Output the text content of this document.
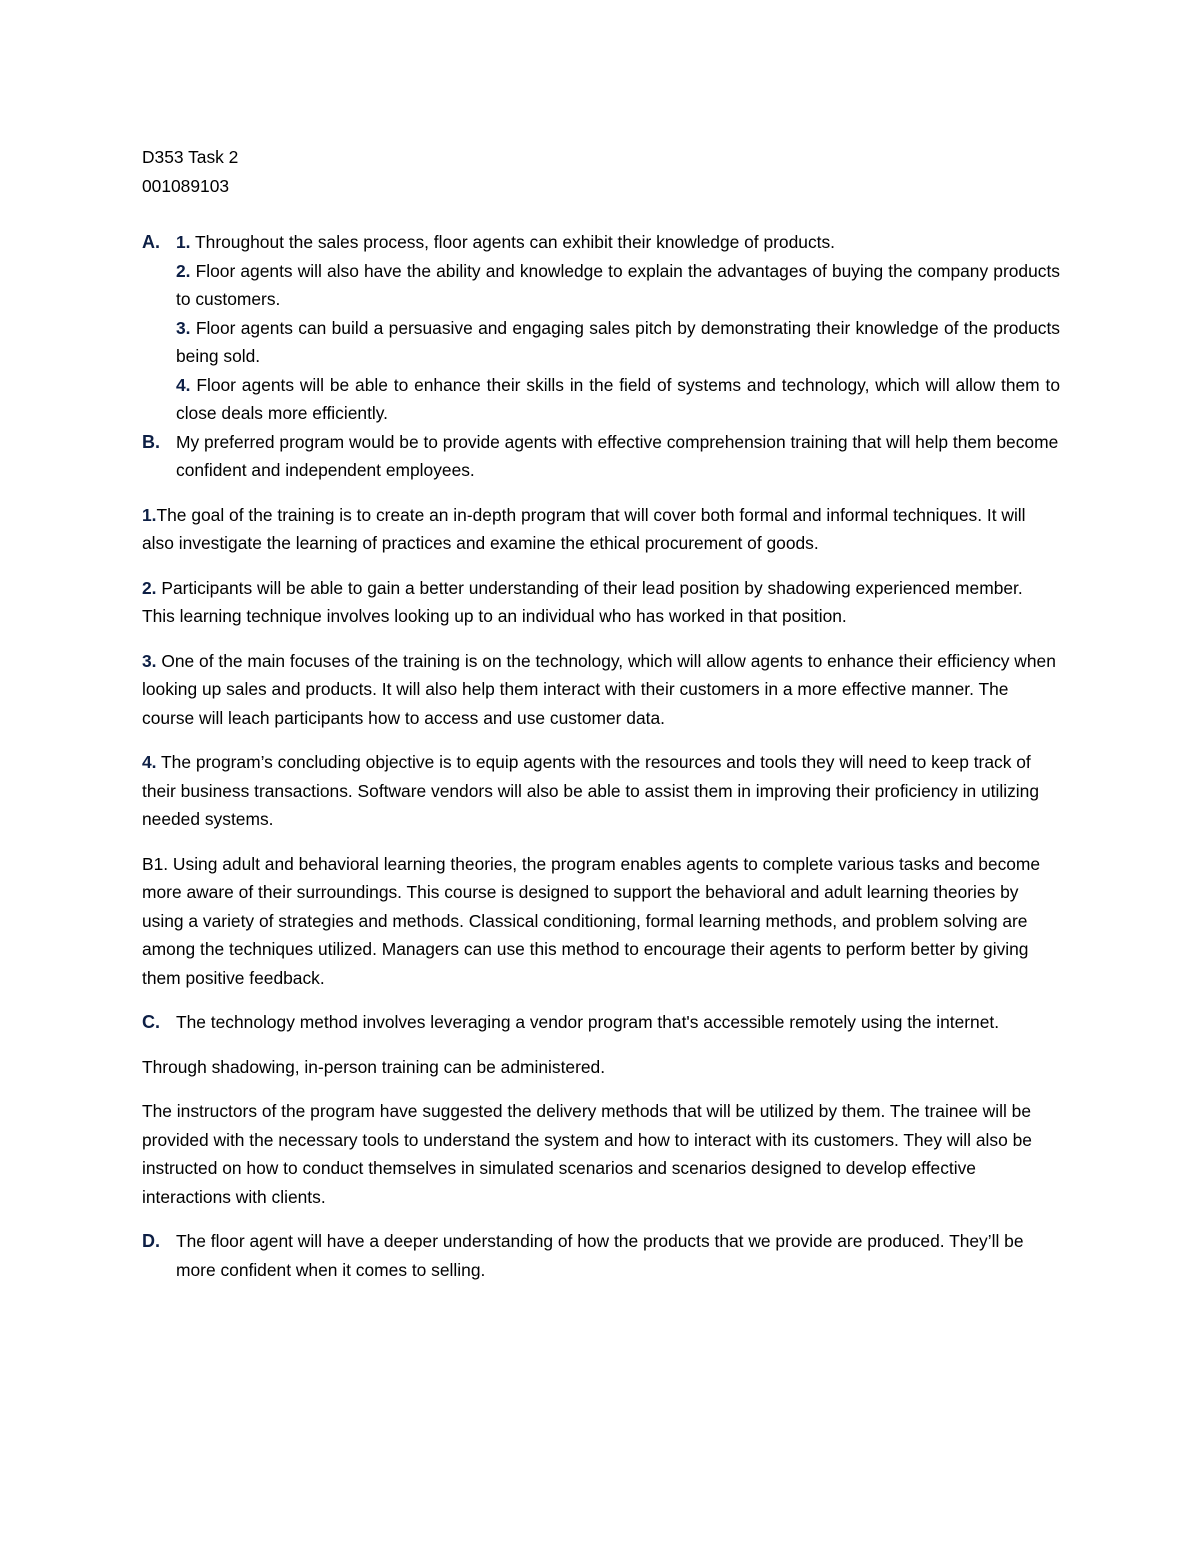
D353 Task 2
001089103
A. 1. Throughout the sales process, floor agents can exhibit their knowledge of products.
2. Floor agents will also have the ability and knowledge to explain the advantages of buying the company products to customers.
3. Floor agents can build a persuasive and engaging sales pitch by demonstrating their knowledge of the products being sold.
4. Floor agents will be able to enhance their skills in the field of systems and technology, which will allow them to close deals more efficiently.
B. My preferred program would be to provide agents with effective comprehension training that will help them become confident and independent employees.

1.The goal of the training is to create an in-depth program that will cover both formal and informal techniques. It will also investigate the learning of practices and examine the ethical procurement of goods.

2. Participants will be able to gain a better understanding of their lead position by shadowing experienced member. This learning technique involves looking up to an individual who has worked in that position.

3. One of the main focuses of the training is on the technology, which will allow agents to enhance their efficiency when looking up sales and products. It will also help them interact with their customers in a more effective manner. The course will leach participants how to access and use customer data.

4. The program’s concluding objective is to equip agents with the resources and tools they will need to keep track of their business transactions. Software vendors will also be able to assist them in improving their proficiency in utilizing needed systems.

B1. Using adult and behavioral learning theories, the program enables agents to complete various tasks and become more aware of their surroundings. This course is designed to support the behavioral and adult learning theories by using a variety of strategies and methods. Classical conditioning, formal learning methods, and problem solving are among the techniques utilized. Managers can use this method to encourage their agents to perform better by giving them positive feedback.

C. The technology method involves leveraging a vendor program that's accessible remotely using the internet.

Through shadowing, in-person training can be administered.

The instructors of the program have suggested the delivery methods that will be utilized by them. The trainee will be provided with the necessary tools to understand the system and how to interact with its customers. They will also be instructed on how to conduct themselves in simulated scenarios and scenarios designed to develop effective interactions with clients.

D. The floor agent will have a deeper understanding of how the products that we provide are produced. They’ll be more confident when it comes to selling.
